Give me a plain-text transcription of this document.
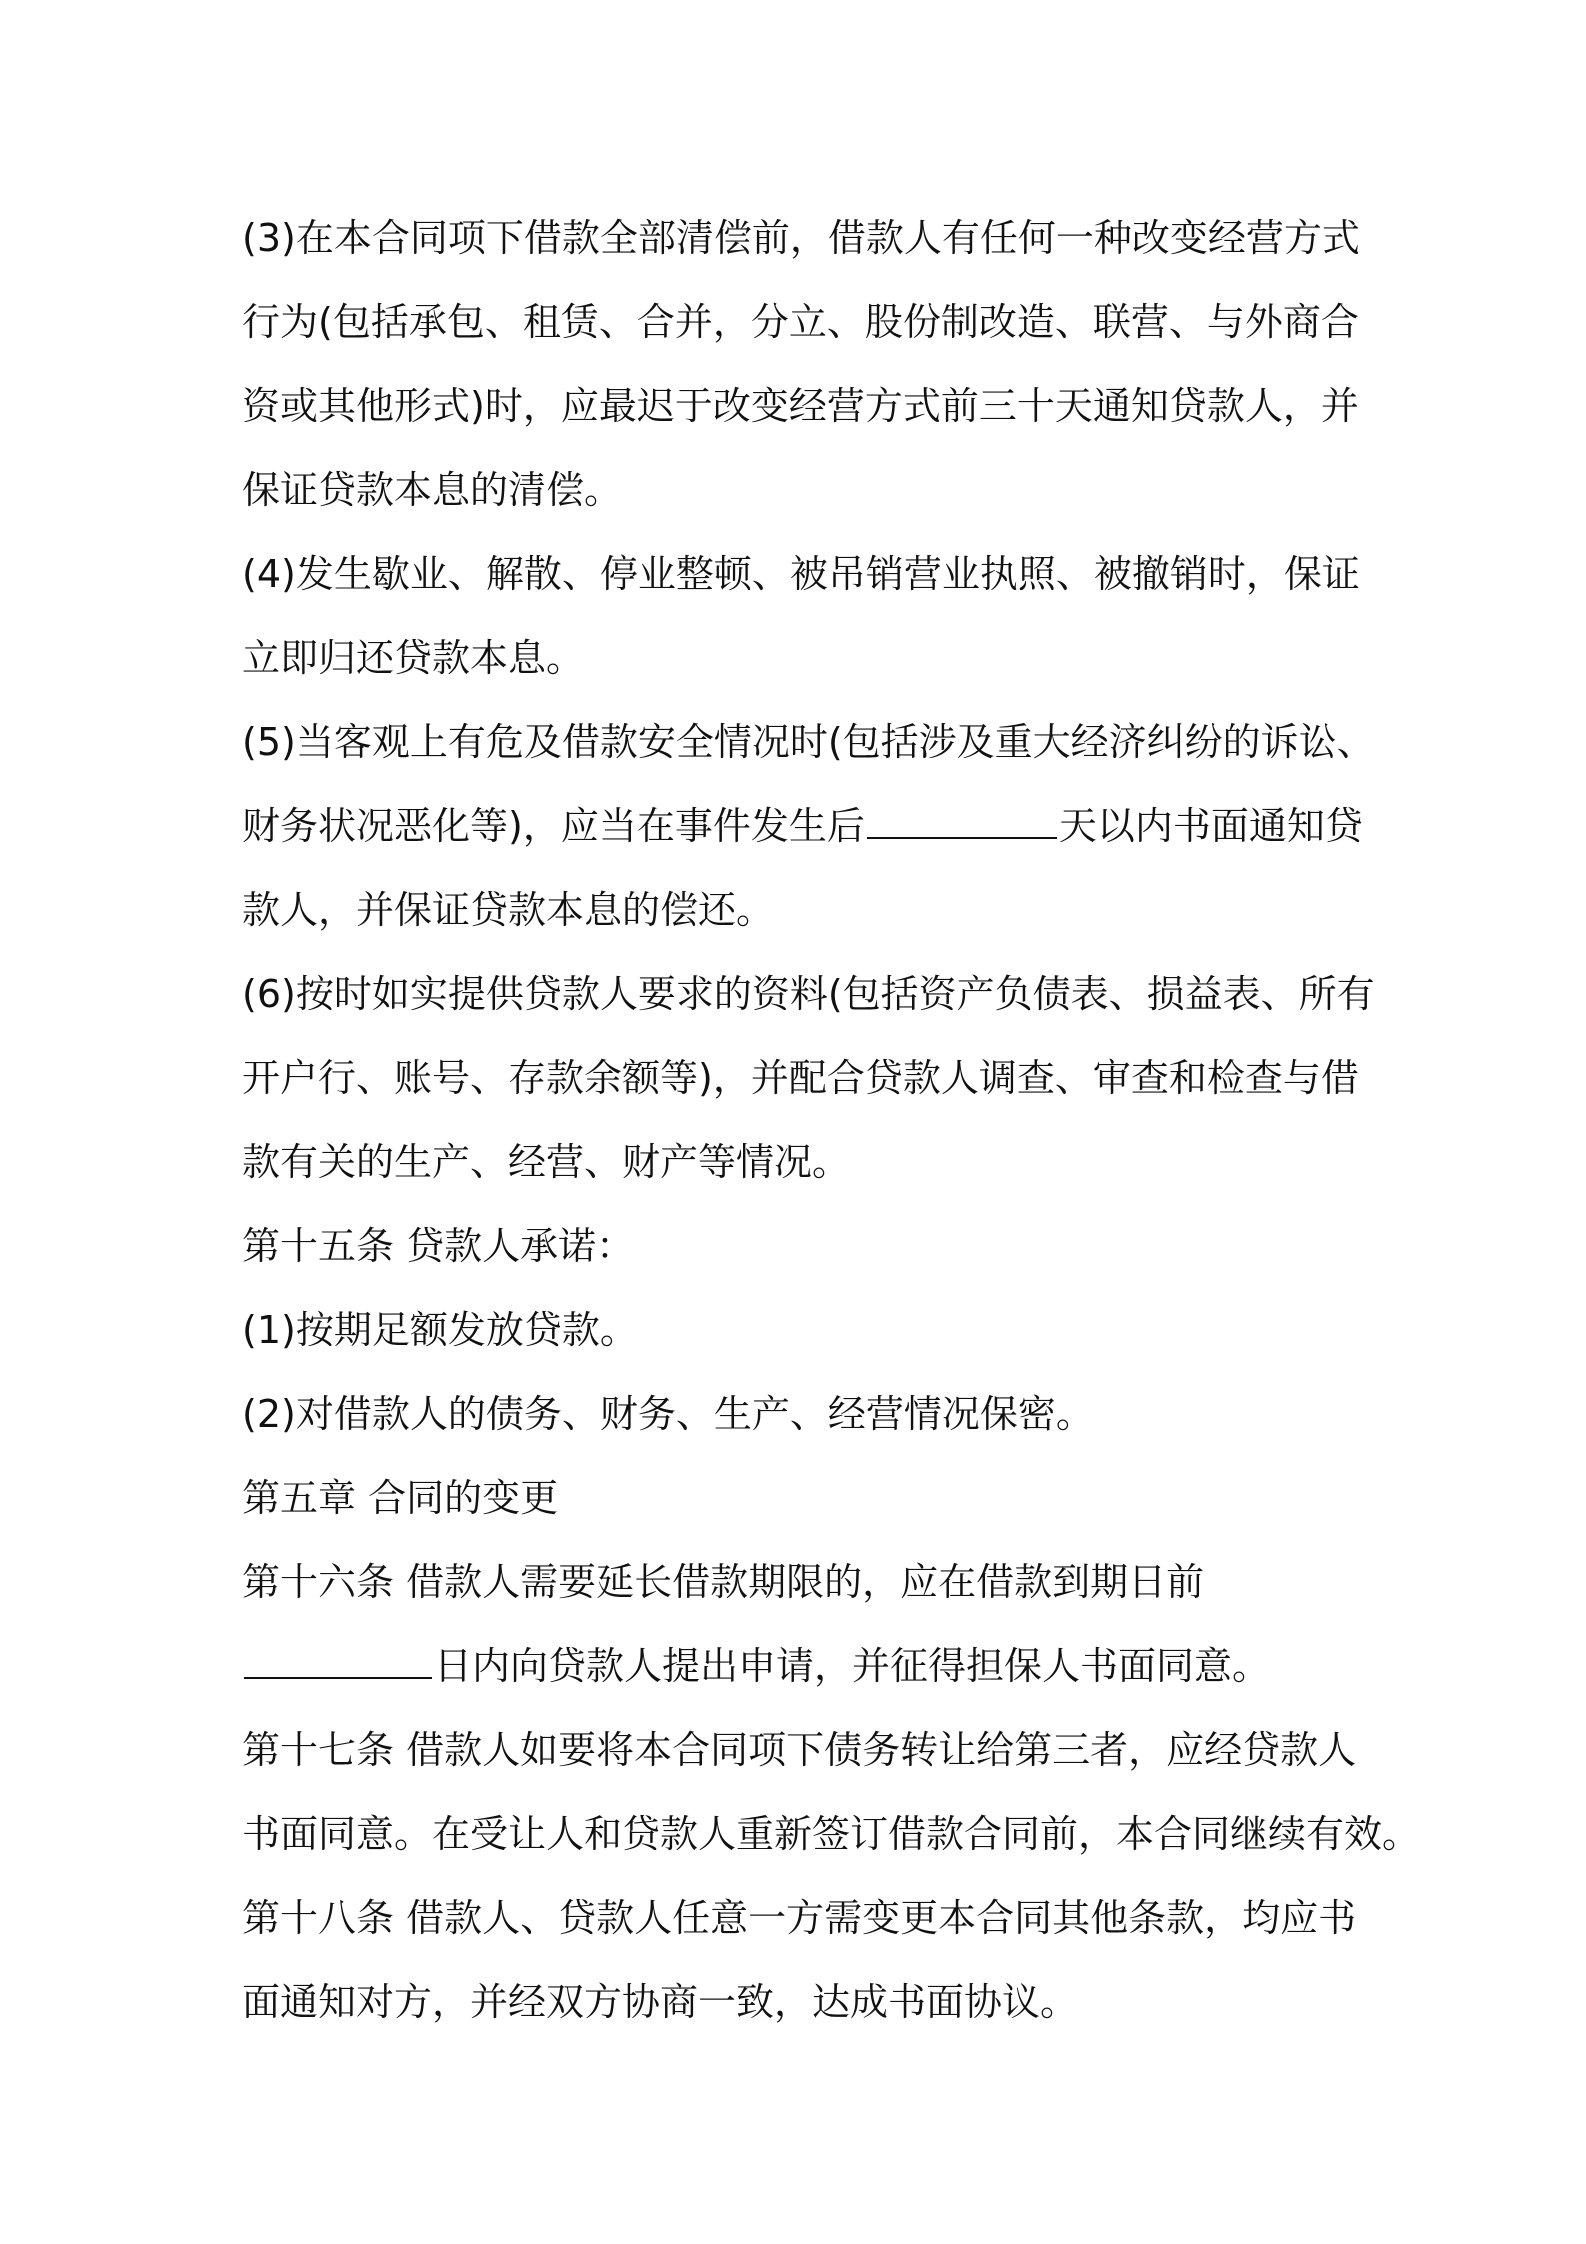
(3)在本合同项下借款全部清偿前，借款人有任何一种改变经营方式
行为(包括承包、租赁、合并，分立、股份制改造、联营、与外商合
资或其他形式)时，应最迟于改变经营方式前三十天通知贷款人，并
保证贷款本息的清偿。
(4)发生歇业、解散、停业整顿、被吊销营业执照、被撤销时，保证
立即归还贷款本息。
(5)当客观上有危及借款安全情况时(包括涉及重大经济纠纷的诉讼、
财务状况恶化等)，应当在事件发生后	天以内书面通知贷
款人，并保证贷款本息的偿还。
(6)按时如实提供贷款人要求的资料(包括资产负债表、损益表、所有
开户行、账号、存款余额等)，并配合贷款人调查、审查和检查与借
款有关的生产、经营、财产等情况。
第十五条 贷款人承诺：
(1)按期足额发放贷款。
(2)对借款人的债务、财务、生产、经营情况保密。
第五章 合同的变更
第十六条 借款人需要延长借款期限的，应在借款到期日前
日内向贷款人提出申请，并征得担保人书面同意。
第十七条 借款人如要将本合同项下债务转让给第三者，应经贷款人
书面同意。在受让人和贷款人重新签订借款合同前，本合同继续有效。
第十八条 借款人、贷款人任意一方需变更本合同其他条款，均应书
面通知对方，并经双方协商一致，达成书面协议。
